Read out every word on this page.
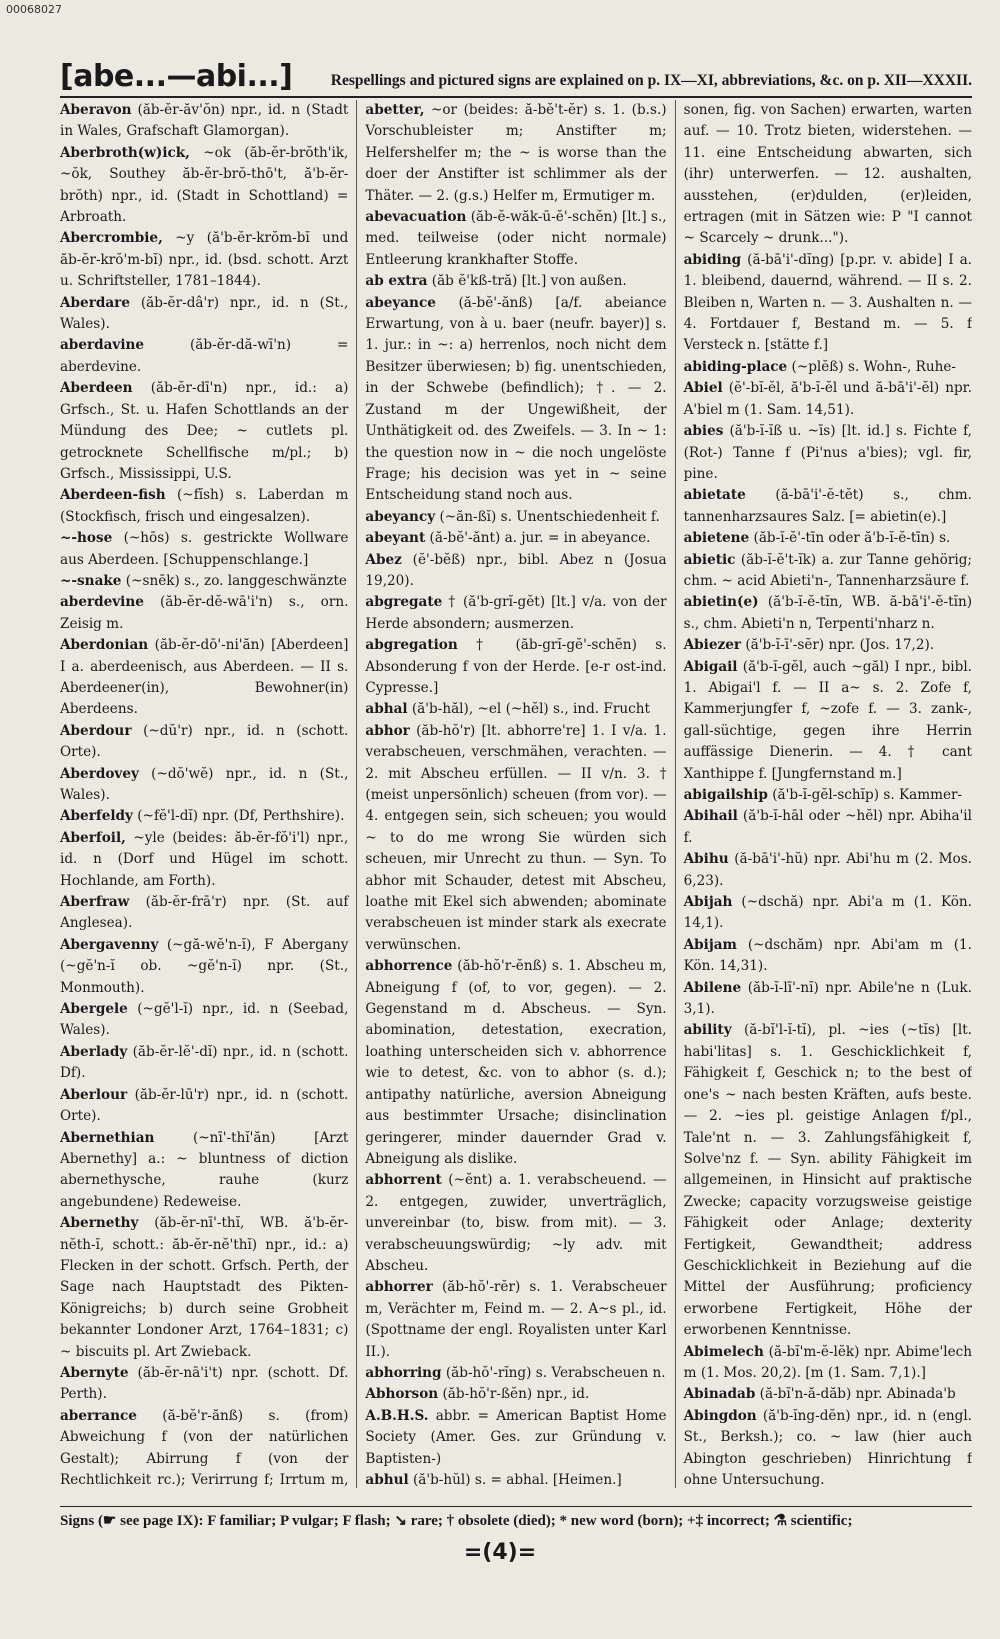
00068027
[abe...—abi...]	Respellings and pictured signs are explained on p. IX—XI, abbreviations, &c. on p. XII—XXXII.

Aberavon (ăb-ĕr-ăv'ŏn) npr., id. n (Stadt in Wales, Grafschaft Glamorgan).

Aberbroth(w)ick, ~ok (ăb-ĕr-brŏth'ik, ~ŏk, Southey ăb-ĕr-brŏ-thō't, ă'b-ĕr-brŏth) npr., id. (Stadt in Schottland) = Arbroath.

Abercrombie, ~y (ă'b-ĕr-krŏm-bĭ und ăb-ĕr-krŏ'm-bĭ) npr., id. (bsd. schott. Arzt u. Schriftsteller, 1781–1844).

Aberdare (ăb-ĕr-dâ'r) npr., id. n (St., Wales).

aberdavine (ăb-ĕr-dă-wī'n) = aberdevine.

Aberdeen (ăb-ĕr-dī'n) npr., id.: a) Grfsch., St. u. Hafen Schottlands an der Mündung des Dee; ~ cutlets pl. getrocknete Schellfische m/pl.; b) Grfsch., Mississippi, U.S.

Aberdeen-fish (~fĭsh) s. Laberdan m (Stockfisch, frisch und eingesalzen).

~-hose (~hōs) s. gestrickte Wollware aus Aberdeen. [Schuppenschlange.]

~-snake (~snēk) s., zo. langgeschwänzte

aberdevine (ăb-ĕr-dĕ-wā'i'n) s., orn. Zeisig m.

Aberdonian (ăb-ĕr-dō'-ni'ăn) [Aberdeen] I a. aberdeenisch, aus Aberdeen. — II s. Aberdeener(in), Bewohner(in) Aberdeens.

Aberdour (~dŭ'r) npr., id. n (schott. Orte).

Aberdovey (~dŏ'wĕ) npr., id. n (St., Wales).

Aberfeldy (~fĕ'l-dĭ) npr. (Df, Perthshire).

Aberfoil, ~yle (beides: ăb-ĕr-fŏ'i'l) npr., id. n (Dorf und Hügel im schott. Hochlande, am Forth).

Aberfraw (ăb-ĕr-frā'r) npr. (St. auf Anglesea).

Abergavenny (~gă-wĕ'n-ĭ), F Abergany (~gĕ'n-ĭ ob. ~gĕ'n-ĭ) npr. (St., Monmouth).

Abergele (~gĕ'l-ĭ) npr., id. n (Seebad, Wales).

Aberlady (ăb-ĕr-lĕ'-dĭ) npr., id. n (schott. Df).

Aberlour (ăb-ĕr-lū'r) npr., id. n (schott. Orte).

Abernethian (~nī'-thĭ'ăn) [Arzt Abernethy] a.: ~ bluntness of diction abernethysche, rauhe (kurz angebundene) Redeweise.

Abernethy (ăb-ĕr-nī'-thĭ, WB. ă'b-ĕr-nĕth-ĭ, schott.: ăb-ĕr-nĕ'thĭ) npr., id.: a) Flecken in der schott. Grfsch. Perth, der Sage nach Hauptstadt des Pikten-Königreichs; b) durch seine Grobheit bekannter Londoner Arzt, 1764–1831; c) ~ biscuits pl. Art Zwieback.

Abernyte (ăb-ĕr-nā'i't) npr. (schott. Df. Perth).

aberrance (ă-bĕ'r-ănß) s. (from) Abweichung f (von der natürlichen Gestalt); Abirrung f (von der Rechtlichkeit rc.); Verirrung f; Irrtum m,

abetter, ~or (beides: ă-bĕ't-ĕr) s. 1. (b.s.) Vorschubleister m; Anstifter m; Helfershelfer m; the ~ is worse than the doer der Anstifter ist schlimmer als der Thäter. — 2. (g.s.) Helfer m, Ermutiger m.

abevacuation (ăb-ĕ-wăk-ū-ĕ'-schĕn) [lt.] s., med. teilweise (oder nicht normale) Entleerung krankhafter Stoffe.

ab extra (ăb ĕ'kß-tră) [lt.] von außen.

abeyance (ă-bĕ'-ănß) [a/f. abeiance Erwartung, von à u. baer (neufr. bayer)] s. 1. jur.: in ~: a) herrenlos, noch nicht dem Besitzer überwiesen; b) fig. unentschieden, in der Schwebe (befindlich); †. — 2. Zustand m der Ungewißheit, der Unthätigkeit od. des Zweifels. — 3. In ~ 1: the question now in ~ die noch ungelöste Frage; his decision was yet in ~ seine Entscheidung stand noch aus.

abeyancy (~ăn-ßĭ) s. Unentschiedenheit f.

abeyant (ă-bĕ'-ănt) a. jur. = in abeyance.

Abez (ĕ'-bĕß) npr., bibl. Abez n (Josua 19,20).

abgregate † (ă'b-grĭ-gĕt) [lt.] v/a. von der Herde absondern; ausmerzen.

abgregation † (ăb-grĭ-gĕ'-schĕn) s. Absonderung f von der Herde. [e-r ost-ind. Cypresse.]

abhal (ă'b-hăl), ~el (~hĕl) s., ind. Frucht

abhor (ăb-hŏ'r) [lt. abhorre're] 1. I v/a. 1. verabscheuen, verschmähen, verachten. — 2. mit Abscheu erfüllen. — II v/n. 3. † (meist unpersönlich) scheuen (from vor). — 4. entgegen sein, sich scheuen; you would ~ to do me wrong Sie würden sich scheuen, mir Unrecht zu thun. — Syn. To abhor mit Schauder, detest mit Abscheu, loathe mit Ekel sich abwenden; abominate verabscheuen ist minder stark als execrate verwünschen.

abhorrence (ăb-hŏ'r-ĕnß) s. 1. Abscheu m, Abneigung f (of, to vor, gegen). — 2. Gegenstand m d. Abscheus. — Syn. abomination, detestation, execration, loathing unterscheiden sich v. abhorrence wie to detest, &c. von to abhor (s. d.); antipathy natürliche, aversion Abneigung aus bestimmter Ursache; disinclination geringerer, minder dauernder Grad v. Abneigung als dislike.

abhorrent (~ĕnt) a. 1. verabscheuend. — 2. entgegen, zuwider, unverträglich, unvereinbar (to, bisw. from mit). — 3. verabscheuungswürdig; ~ly adv. mit Abscheu.

abhorrer (ăb-hŏ'-rĕr) s. 1. Verabscheuer m, Verächter m, Feind m. — 2. A~s pl., id. (Spottname der engl. Royalisten unter Karl II.).

abhorring (ăb-hŏ'-rĭng) s. Verabscheuen n.

Abhorson (ăb-hŏ'r-ßĕn) npr., id.

A.B.H.S. abbr. = American Baptist Home Society (Amer. Ges. zur Gründung v. Baptisten-)

abhul (ă'b-hŭl) s. = abhal. [Heimen.]

sonen, fig. von Sachen) erwarten, warten auf. — 10. Trotz bieten, widerstehen. — 11. eine Entscheidung abwarten, sich (ihr) unterwerfen. — 12. aushalten, ausstehen, (er)dulden, (er)leiden, ertragen (mit in Sätzen wie: P "I cannot ~ Scarcely ~ drunk...").

abiding (ă-bā'i'-dĭng) [p.pr. v. abide] I a. 1. bleibend, dauernd, während. — II s. 2. Bleiben n, Warten n. — 3. Aushalten n. — 4. Fortdauer f, Bestand m. — 5. f Versteck n. [stätte f.]

abiding-place (~plĕß) s. Wohn-, Ruhe-

Abiel (ĕ'-bĭ-ĕl, ă'b-ĭ-ĕl und ă-bā'i'-ĕl) npr. A'biel m (1. Sam. 14,51).

abies (ă'b-ĭ-ĭß u. ~īs) [lt. id.] s. Fichte f, (Rot-) Tanne f (Pi'nus a'bies); vgl. fir, pine.

abietate (ă-bā'i'-ĕ-tĕt) s., chm. tannenharzsaures Salz. [= abietin(e).]

abietene (ăb-ĭ-ĕ'-tīn oder ă'b-ĭ-ĕ-tīn) s.

abietic (ăb-ĭ-ĕ't-ĭk) a. zur Tanne gehörig; chm. ~ acid Abieti'n-, Tannenharzsäure f.

abietin(e) (ă'b-ĭ-ĕ-tĭn, WB. ă-bā'i'-ĕ-tĭn) s., chm. Abieti'n n, Terpenti'nharz n.

Abiezer (ă'b-ĭ-ī'-sĕr) npr. (Jos. 17,2).

Abigail (ă'b-ĭ-gĕl, auch ~găl) I npr., bibl. 1. Abigai'l f. — II a~ s. 2. Zofe f, Kammerjungfer f, ~zofe f. — 3. zank-, gall-süchtige, gegen ihre Herrin auffässige Dienerin. — 4. † cant Xanthippe f. [Jungfernstand m.]

abigailship (ă'b-ĭ-gĕl-schĭp) s. Kammer-

Abihail (ă'b-ĭ-hāl oder ~hĕl) npr. Abiha'il f.

Abihu (ă-bā'i'-hŭ) npr. Abi'hu m (2. Mos. 6,23).

Abijah (~dschă) npr. Abi'a m (1. Kön. 14,1).

Abijam (~dschăm) npr. Abi'am m (1. Kön. 14,31).

Abilene (ăb-ĭ-lī'-nĭ) npr. Abile'ne n (Luk. 3,1).

ability (ă-bĭ'l-ĭ-tĭ), pl. ~ies (~tĭs) [lt. habi'litas] s. 1. Geschicklichkeit f, Fähigkeit f, Geschick n; to the best of one's ~ nach besten Kräften, aufs beste. — 2. ~ies pl. geistige Anlagen f/pl., Tale'nt n. — 3. Zahlungsfähigkeit f, Solve'nz f. — Syn. ability Fähigkeit im allgemeinen, in Hinsicht auf praktische Zwecke; capacity vorzugsweise geistige Fähigkeit oder Anlage; dexterity Fertigkeit, Gewandtheit; address Geschicklichkeit in Beziehung auf die Mittel der Ausführung; proficiency erworbene Fertigkeit, Höhe der erworbenen Kenntnisse.

Abimelech (ă-bĭ'm-ĕ-lĕk) npr. Abime'lech m (1. Mos. 20,2). [m (1. Sam. 7,1).]

Abinadab (ă-bĭ'n-ă-dăb) npr. Abinada'b

Abingdon (ă'b-ĭng-dĕn) npr., id. n (engl. St., Berksh.); co. ~ law (hier auch Abington geschrieben) Hinrichtung f ohne Untersuchung.

Signs (☛ see page IX): F familiar; P vulgar; F flash; ↘ rare; † obsolete (died); * new word (born); +‡ incorrect; ⚗ scientific;
=(4)=
